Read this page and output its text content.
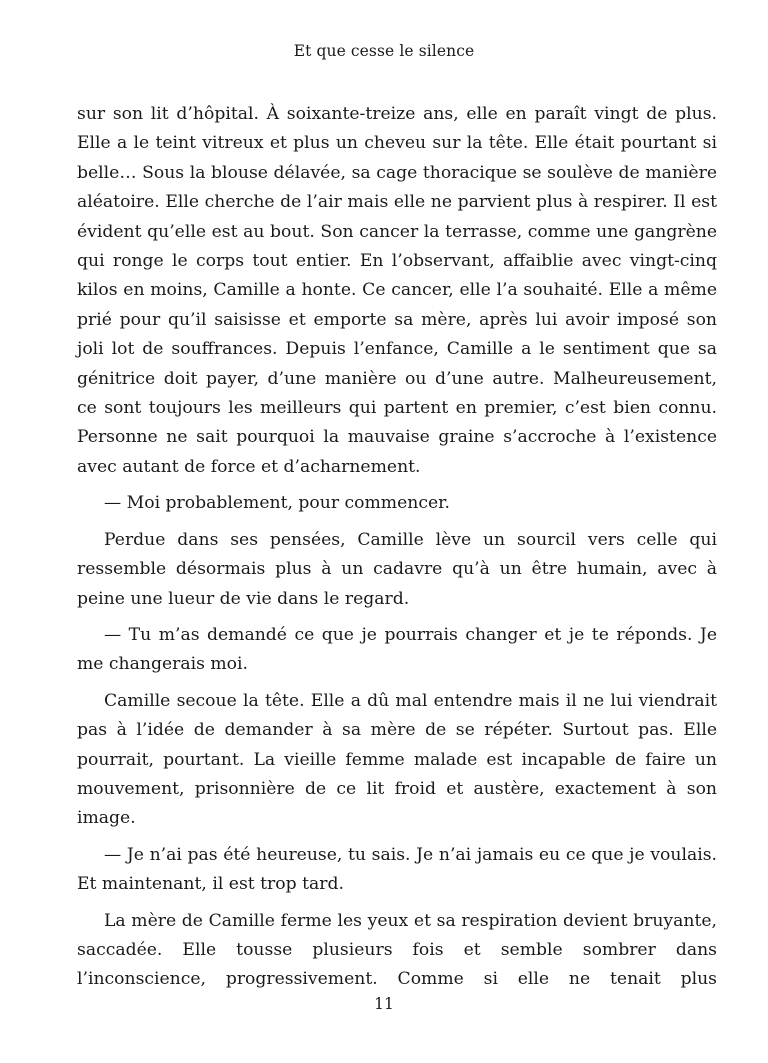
Et que cesse le silence

sur son lit d’hôpital. À soixante-treize ans, elle en paraît vingt de plus. Elle a le teint vitreux et plus un cheveu sur la tête. Elle était pourtant si belle… Sous la blouse délavée, sa cage thoracique se soulève de manière aléatoire. Elle cherche de l’air mais elle ne parvient plus à respirer. Il est évident qu’elle est au bout. Son cancer la terrasse, comme une gangrène qui ronge le corps tout entier. En l’observant, affaiblie avec vingt-cinq kilos en moins, Camille a honte. Ce cancer, elle l’a souhaité. Elle a même prié pour qu’il saisisse et emporte sa mère, après lui avoir imposé son joli lot de souffrances. Depuis l’enfance, Camille a le sentiment que sa génitrice doit payer, d’une manière ou d’une autre. Malheureusement, ce sont toujours les meilleurs qui partent en premier, c’est bien connu. Personne ne sait pourquoi la mauvaise graine s’accroche à l’existence avec autant de force et d’acharnement.

— Moi probablement, pour commencer.

Perdue dans ses pensées, Camille lève un sourcil vers celle qui ressemble désormais plus à un cadavre qu’à un être humain, avec à peine une lueur de vie dans le regard.

— Tu m’as demandé ce que je pourrais changer et je te réponds. Je me changerais moi.

Camille secoue la tête. Elle a dû mal entendre mais il ne lui viendrait pas à l’idée de demander à sa mère de se répéter. Surtout pas. Elle pourrait, pourtant. La vieille femme malade est incapable de faire un mouvement, prisonnière de ce lit froid et austère, exactement à son image.

— Je n’ai pas été heureuse, tu sais. Je n’ai jamais eu ce que je voulais. Et maintenant, il est trop tard.

La mère de Camille ferme les yeux et sa respiration devient bruyante, saccadée. Elle tousse plusieurs fois et semble sombrer dans l’inconscience, progressivement. Comme si elle ne tenait plus

11
